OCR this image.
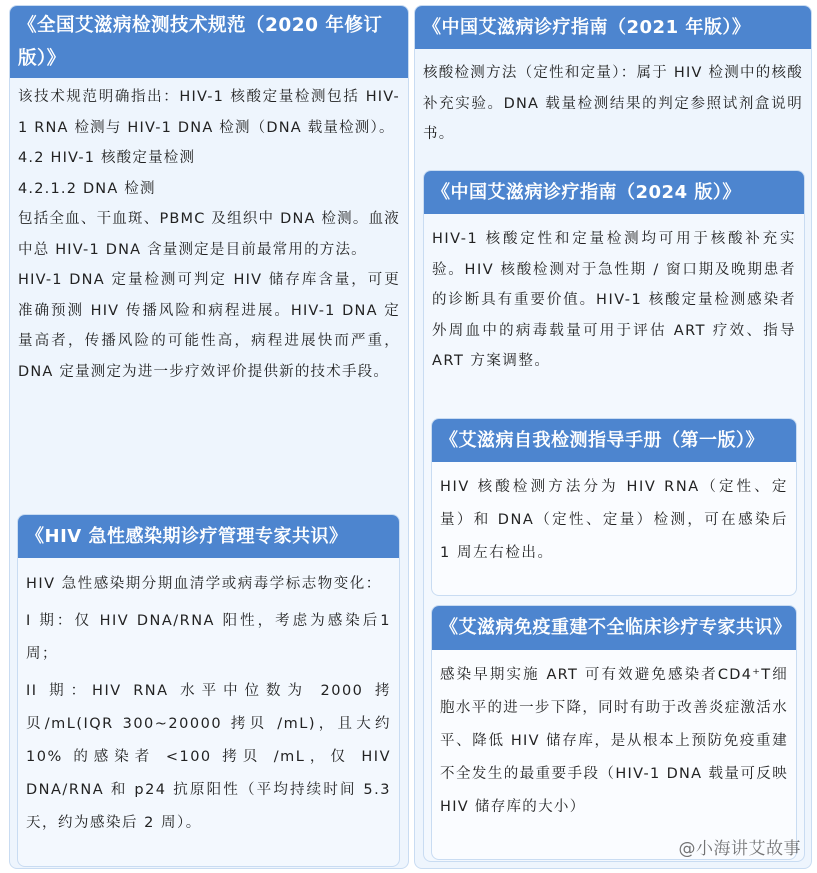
《全国艾滋病检测技术规范（2020 年修订版）》

该技术规范明确指出：HIV-1 核酸定量检测包括 HIV-1 RNA 检测与 HIV-1 DNA 检测（DNA 载量检测）。

4.2 HIV-1 核酸定量检测

4.2.1.2 DNA 检测

包括全血、干血斑、PBMC 及组织中 DNA 检测。血液中总 HIV-1 DNA 含量测定是目前最常用的方法。

HIV-1 DNA 定量检测可判定 HIV 储存库含量，可更准确预测 HIV 传播风险和病程进展。HIV-1 DNA 定量高者，传播风险的可能性高，病程进展快而严重，DNA 定量测定为进一步疗效评价提供新的技术手段。

《HIV 急性感染期诊疗管理专家共识》

HIV 急性感染期分期血清学或病毒学标志物变化：

I 期：仅 HIV DNA/RNA 阳性，考虑为感染后1周；

II 期：HIV RNA 水平中位数为 2000 拷贝/mL(IQR 300~20000 拷贝 /mL)，且大约 10% 的感染者 <100 拷贝 /mL，仅 HIV DNA/RNA 和 p24 抗原阳性（平均持续时间 5.3 天，约为感染后 2 周）。

《中国艾滋病诊疗指南（2021 年版）》

核酸检测方法（定性和定量）：属于 HIV 检测中的核酸补充实验。DNA 载量检测结果的判定参照试剂盒说明书。

《中国艾滋病诊疗指南（2024 版）》

HIV-1 核酸定性和定量检测均可用于核酸补充实验。HIV 核酸检测对于急性期 / 窗口期及晚期患者的诊断具有重要价值。HIV-1 核酸定量检测感染者外周血中的病毒载量可用于评估 ART 疗效、指导 ART 方案调整。

《艾滋病自我检测指导手册（第一版）》

HIV 核酸检测方法分为 HIV RNA（定性、定量）和 DNA（定性、定量）检测，可在感染后 1 周左右检出。

《艾滋病免疫重建不全临床诊疗专家共识》

感染早期实施 ART 可有效避免感染者CD4⁺T细胞水平的进一步下降，同时有助于改善炎症激活水平、降低 HIV 储存库，是从根本上预防免疫重建不全发生的最重要手段（HIV-1 DNA 载量可反映HIV 储存库的大小）

@小海讲艾故事
